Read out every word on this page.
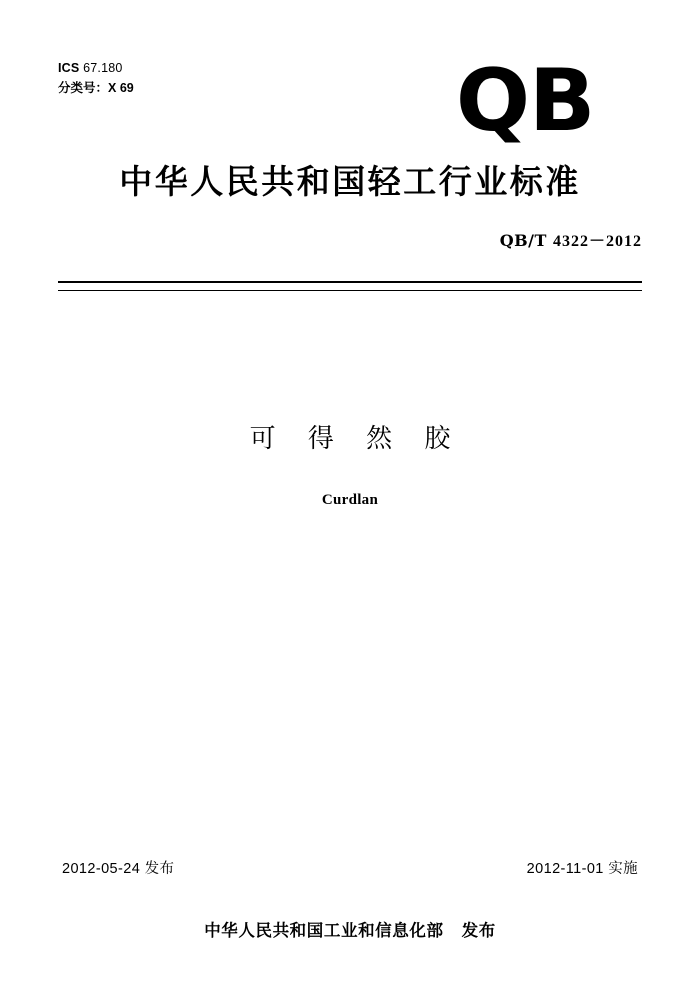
ICS 67.180
分类号：X 69	QB
中华人民共和国轻工行业标准
QB/T 4322－2012
可 得 然 胶
Curdlan
2012-05-24 发布	2012-11-01 实施
中华人民共和国工业和信息化部 发布
